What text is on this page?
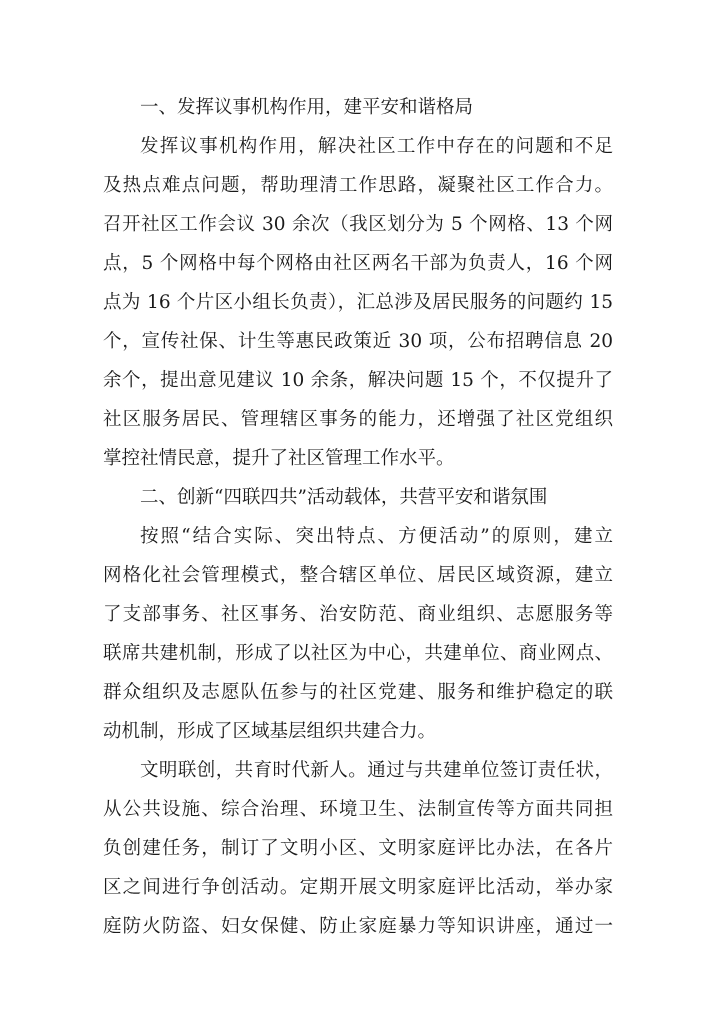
一、发挥议事机构作用，建平安和谐格局
发挥议事机构作用，解决社区工作中存在的问题和不足
及热点难点问题，帮助理清工作思路，凝聚社区工作合力。
召开社区工作会议 30 余次（我区划分为 5 个网格、13 个网
点，5 个网格中每个网格由社区两名干部为负责人，16 个网
点为 16 个片区小组长负责），汇总涉及居民服务的问题约 15
个，宣传社保、计生等惠民政策近 30 项，公布招聘信息 20
余个，提出意见建议 10 余条，解决问题 15 个，不仅提升了
社区服务居民、管理辖区事务的能力，还增强了社区党组织
掌控社情民意，提升了社区管理工作水平。
二、创新“四联四共”活动载体，共营平安和谐氛围
按照“结合实际、突出特点、方便活动”的原则，建立
网格化社会管理模式，整合辖区单位、居民区域资源，建立
了支部事务、社区事务、治安防范、商业组织、志愿服务等
联席共建机制，形成了以社区为中心，共建单位、商业网点、
群众组织及志愿队伍参与的社区党建、服务和维护稳定的联
动机制，形成了区域基层组织共建合力。
文明联创，共育时代新人。通过与共建单位签订责任状，
从公共设施、综合治理、环境卫生、法制宣传等方面共同担
负创建任务，制订了文明小区、文明家庭评比办法，在各片
区之间进行争创活动。定期开展文明家庭评比活动，举办家
庭防火防盗、妇女保健、防止家庭暴力等知识讲座，通过一
